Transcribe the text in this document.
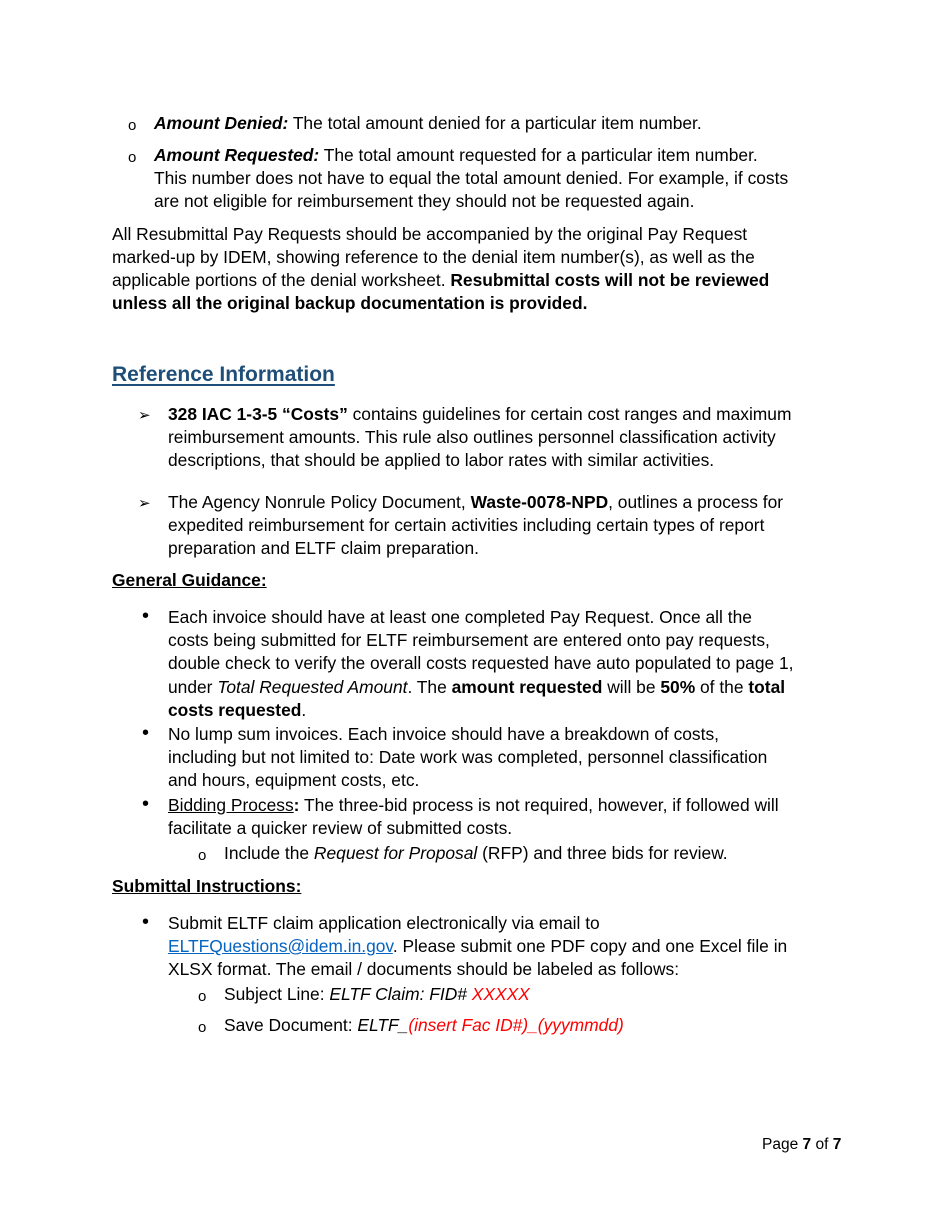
o Amount Denied: The total amount denied for a particular item number.
o Amount Requested: The total amount requested for a particular item number.
This number does not have to equal the total amount denied. For example, if costs
are not eligible for reimbursement they should not be requested again.
All Resubmittal Pay Requests should be accompanied by the original Pay Request
marked-up by IDEM, showing reference to the denial item number(s), as well as the
applicable portions of the denial worksheet. Resubmittal costs will not be reviewed
unless all the original backup documentation is provided.
Reference Information
➢ 328 IAC 1-3-5 “Costs” contains guidelines for certain cost ranges and maximum
reimbursement amounts. This rule also outlines personnel classification activity
descriptions, that should be applied to labor rates with similar activities.
➢ The Agency Nonrule Policy Document, Waste-0078-NPD, outlines a process for
expedited reimbursement for certain activities including certain types of report
preparation and ELTF claim preparation.
General Guidance:
• Each invoice should have at least one completed Pay Request. Once all the
costs being submitted for ELTF reimbursement are entered onto pay requests,
double check to verify the overall costs requested have auto populated to page 1,
under Total Requested Amount. The amount requested will be 50% of the total
costs requested.
• No lump sum invoices. Each invoice should have a breakdown of costs,
including but not limited to: Date work was completed, personnel classification
and hours, equipment costs, etc.
• Bidding Process: The three-bid process is not required, however, if followed will
facilitate a quicker review of submitted costs.
o Include the Request for Proposal (RFP) and three bids for review.
Submittal Instructions:
• Submit ELTF claim application electronically via email to
ELTFQuestions@idem.in.gov. Please submit one PDF copy and one Excel file in
XLSX format. The email / documents should be labeled as follows:
o Subject Line: ELTF Claim: FID# XXXXX
o Save Document: ELTF_(insert Fac ID#)_(yyymmdd)
Page 7 of 7
